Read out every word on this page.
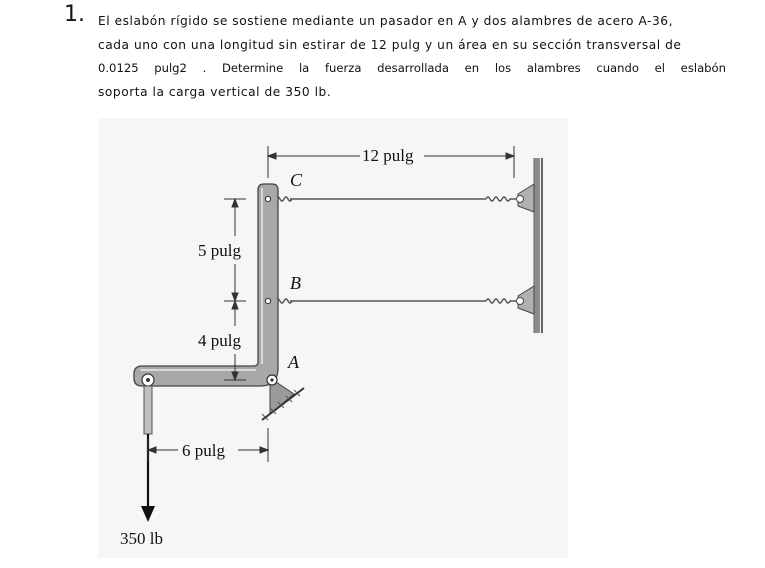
1. El eslabón rígido se sostiene mediante un pasador en A y dos alambres de acero A-36,
cada uno con una longitud sin estirar de 12 pulg y un área en su sección transversal de
0.0125 pulg2 . Determine la fuerza desarrollada en los alambres cuando el eslabón
soporta la carga vertical de 350 lb.
C
B
A
12 pulg
5 pulg
4 pulg
6 pulg
350 lb
